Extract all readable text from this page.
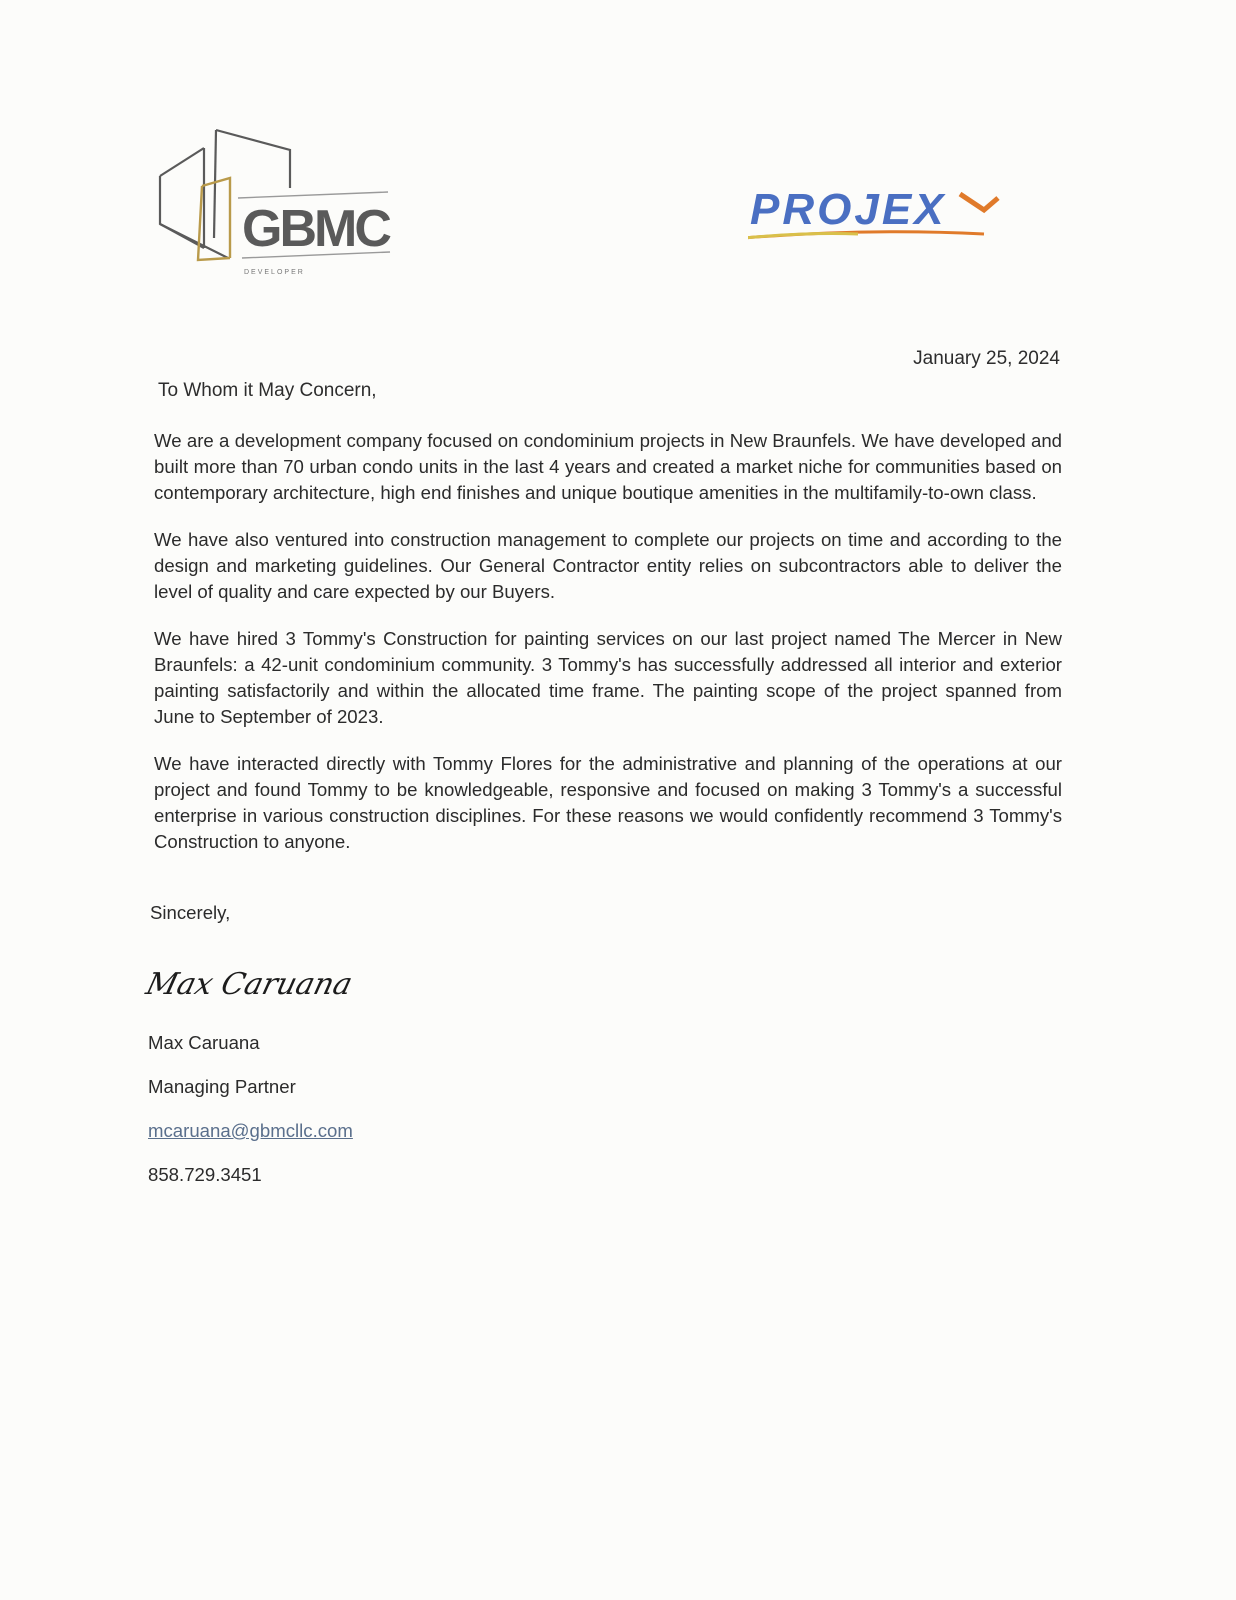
GBMC
DEVELOPER
PROJEX
January 25, 2024
To Whom it May Concern,

We are a development company focused on condominium projects in New Braunfels. We have developed and built more than 70 urban condo units in the last 4 years and created a market niche for communities based on contemporary architecture, high end finishes and unique boutique amenities in the multifamily-to-own class.

We have also ventured into construction management to complete our projects on time and according to the design and marketing guidelines. Our General Contractor entity relies on subcontractors able to deliver the level of quality and care expected by our Buyers.

We have hired 3 Tommy's Construction for painting services on our last project named The Mercer in New Braunfels: a 42-unit condominium community. 3 Tommy's has successfully addressed all interior and exterior painting satisfactorily and within the allocated time frame. The painting scope of the project spanned from June to September of 2023.

We have interacted directly with Tommy Flores for the administrative and planning of the operations at our project and found Tommy to be knowledgeable, responsive and focused on making 3 Tommy's a successful enterprise in various construction disciplines. For these reasons we would confidently recommend 3 Tommy's Construction to anyone.

Sincerely,
Max Caruana
Max Caruana
Managing Partner
mcaruana@gbmcllc.com
858.729.3451
